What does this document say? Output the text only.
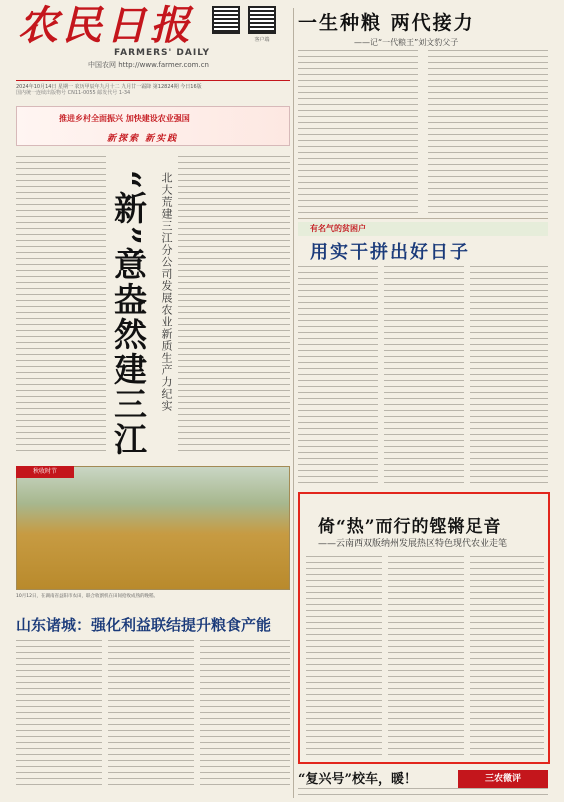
农民日报
FARMERS' DAILY
中国农网 http://www.farmer.com.cn
客户端
2024年10月14日 星期一 农历甲辰年九月十二 九月廿一霜降 第12824期 今日16版
国内统一连续出版物号 CN11-0055 邮发代号 1-34
一生种粮 两代接力
——记“一代粮王”刘文豹父子
推进乡村全面振兴 加快建设农业强国
新探索 新实践
“新”意盎然建三江	北大荒建三江分公司发展农业新质生产力纪实
秋收时节
10月12日，在湖南省益阳市农田，联合收割机在田间抢收成熟的晚稻。
山东诸城：强化利益联结提升粮食产能
有名气的贫困户
用实干拼出好日子
倚“热”而行的铿锵足音
——云南西双版纳州发展热区特色现代农业走笔
“复兴号”校车，暖！	三农微评
